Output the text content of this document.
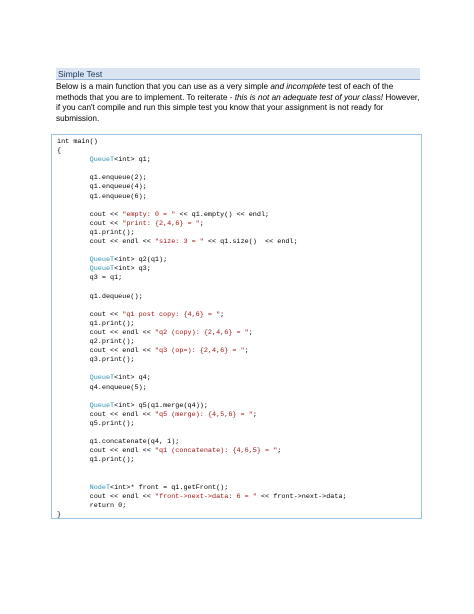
Simple Test

Below is a main function that you can use as a very simple and incomplete test of each of the methods that you are to implement. To reiterate - this is not an adequate test of your class! However, if you can't compile and run this simple test you know that your assignment is not ready for submission.

int main()
{
QueueT<int> q1;
q1.enqueue(2);
q1.enqueue(4);
q1.enqueue(6);
cout << "empty: 0 = " << q1.empty() << endl;
cout << "print: {2,4,6} = ";
q1.print();
cout << endl << "size: 3 = " << q1.size()  << endl;
QueueT<int> q2(q1);
QueueT<int> q3;
q3 = q1;
q1.dequeue();
cout << "q1 post copy: {4,6} = ";
q1.print();
cout << endl << "q2 (copy): {2,4,6} = ";
q2.print();
cout << endl << "q3 (op=): {2,4,6} = ";
q3.print();
QueueT<int> q4;
q4.enqueue(5);
QueueT<int> q5(q1.merge(q4));
cout << endl << "q5 (merge): {4,5,6} = ";
q5.print();
q1.concatenate(q4, 1);
cout << endl << "q1 (concatenate): {4,6,5} = ";
q1.print();
NodeT<int>* front = q1.getFront();
cout << endl << "front->next->data: 6 = " << front->next->data;
return 0;
}
